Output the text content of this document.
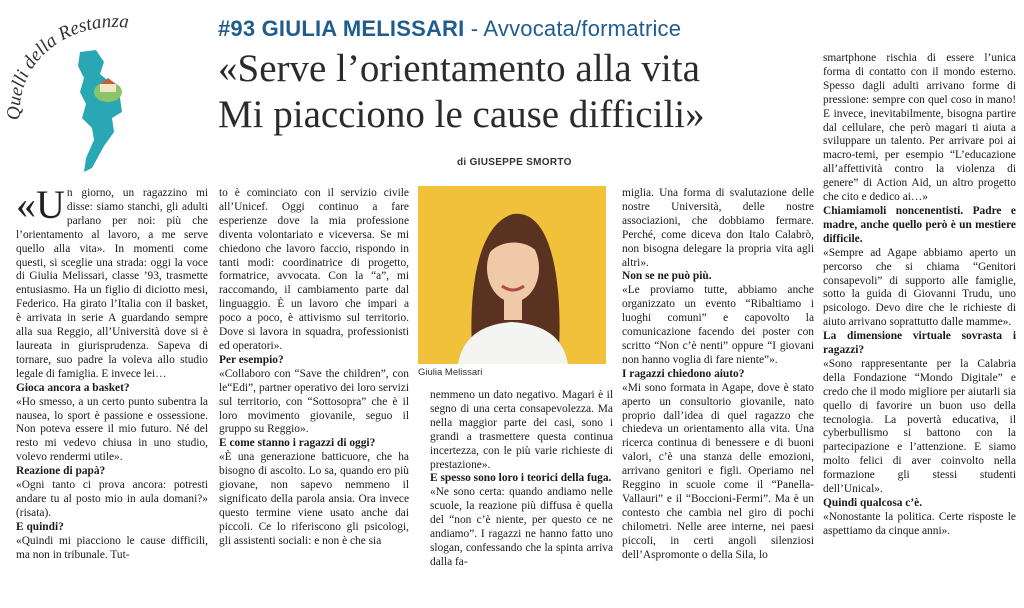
Quelli della Restanza	#93 GIULIA MELISSARI - Avvocata/formatrice
«Serve l’orientamento alla vita
Mi piacciono le cause difficili»
di GIUSEPPE SMORTO
Giulia Melissari
«U n giorno, un ragazzino mi disse: siamo stanchi, gli adulti parlano per noi: più che l’orientamento al lavoro, a me serve quello alla vita». In momenti come questi, si sceglie una strada: oggi la voce di Giulia Melissari, classe ’93, trasmette entusiasmo. Ha un figlio di diciotto mesi, Federico. Ha girato l’Italia con il basket, è arrivata in serie A guardando sempre alla sua Reggio, all’Università dove si è laureata in giurisprudenza. Sapeva di tornare, suo padre la voleva allo studio legale di famiglia. E invece lei…

Gioca ancora a basket?

«Ho smesso, a un certo punto subentra la nausea, lo sport è passione e ossessione. Non poteva essere il mio futuro. Né del resto mi vedevo chiusa in uno studio, volevo rendermi utile».

Reazione di papà?

«Ogni tanto ci prova ancora: potresti andare tu al posto mio in aula domani?» (risata).

E quindi?

«Quindi mi piacciono le cause difficili, ma non in tribunale. Tut-

to è cominciato con il servizio civile all’Unicef. Oggi continuo a fare esperienze dove la mia professione diventa volontariato e viceversa. Se mi chiedono che lavoro faccio, rispondo in tanti modi: coordinatrice di progetto, formatrice, avvocata. Con la “a”, mi raccomando, il cambiamento parte dal linguaggio. È un lavoro che impari a poco a poco, è attivismo sul territorio. Dove si lavora in squadra, professionisti ed operatori».

Per esempio?

«Collaboro con “Save the children”, con le“Edi”, partner operativo dei loro servizi sul territorio, con “Sottosopra” che è il loro movimento giovanile, seguo il gruppo su Reggio».

E come stanno i ragazzi di oggi?

«È una generazione batticuore, che ha bisogno di ascolto. Lo sa, quando ero più giovane, non sapevo nemmeno il significato della parola ansia. Ora invece questo termine viene usato anche dai piccoli. Ce lo riferiscono gli psicologi, gli assistenti sociali: e non è che sia

nemmeno un dato negativo. Magari è il segno di una certa consapevolezza. Ma nella maggior parte dei casi, sono i grandi a trasmettere questa continua incertezza, con le più varie richieste di prestazione».

E spesso sono loro i teorici della fuga.

«Ne sono certa: quando andiamo nelle scuole, la reazione più diffusa è quella del “non c’è niente, per questo ce ne andiamo”. I ragazzi ne hanno fatto uno slogan, confessando che la spinta arriva dalla fa-

miglia. Una forma di svalutazione delle nostre Università, delle nostre associazioni, che dobbiamo fermare. Perché, come diceva don Italo Calabrò, non bisogna delegare la propria vita agli altri».

Non se ne può più.

«Le proviamo tutte, abbiamo anche organizzato un evento “Ribaltiamo i luoghi comuni” e capovolto la comunicazione facendo dei poster con scritto “Non c’è nenti” oppure “I giovani non hanno voglia di fare niente”».

I ragazzi chiedono aiuto?

«Mi sono formata in Agape, dove è stato aperto un consultorio giovanile, nato proprio dall’idea di quel ragazzo che chiedeva un orientamento alla vita. Una ricerca continua di benessere e di buoni valori, c’è una stanza delle emozioni, arrivano genitori e figli. Operiamo nel Reggino in scuole come il “Panella-Vallauri” e il “Boccioni-Fermi”. Ma è un contesto che cambia nel giro di pochi chilometri. Nelle aree interne, nei paesi piccoli, in certi angoli silenziosi dell’Aspromonte o della Sila, lo

smartphone rischia di essere l’unica forma di contatto con il mondo esterno. Spesso dagli adulti arrivano forme di pressione: sempre con quel coso in mano! E invece, inevitabilmente, bisogna partire dal cellulare, che però magari ti aiuta a sviluppare un talento. Per arrivare poi ai macro-temi, per esempio “L’educazione all’affettività contro la violenza di genere” di Action Aid, un altro progetto che cito e dedico ai…»

Chiamiamoli noncenentisti. Padre e madre, anche quello però è un mestiere difficile.

«Sempre ad Agape abbiamo aperto un percorso che si chiama “Genitori consapevoli” di supporto alle famiglie, sotto la guida di Giovanni Trudu, uno psicologo. Devo dire che le richieste di aiuto arrivano soprattutto dalle mamme».

La dimensione virtuale sovrasta i ragazzi?

«Sono rappresentante per la Calabria della Fondazione “Mondo Digitale” e credo che il modo migliore per aiutarli sia quello di favorire un buon uso della tecnologia. La povertà educativa, il cyberbullismo si battono con la partecipazione e l’attenzione. E siamo molto felici di aver coinvolto nella formazione gli stessi studenti dell’Unical».

Quindi qualcosa c’è.

«Nonostante la politica. Certe risposte le aspettiamo da cinque anni».
